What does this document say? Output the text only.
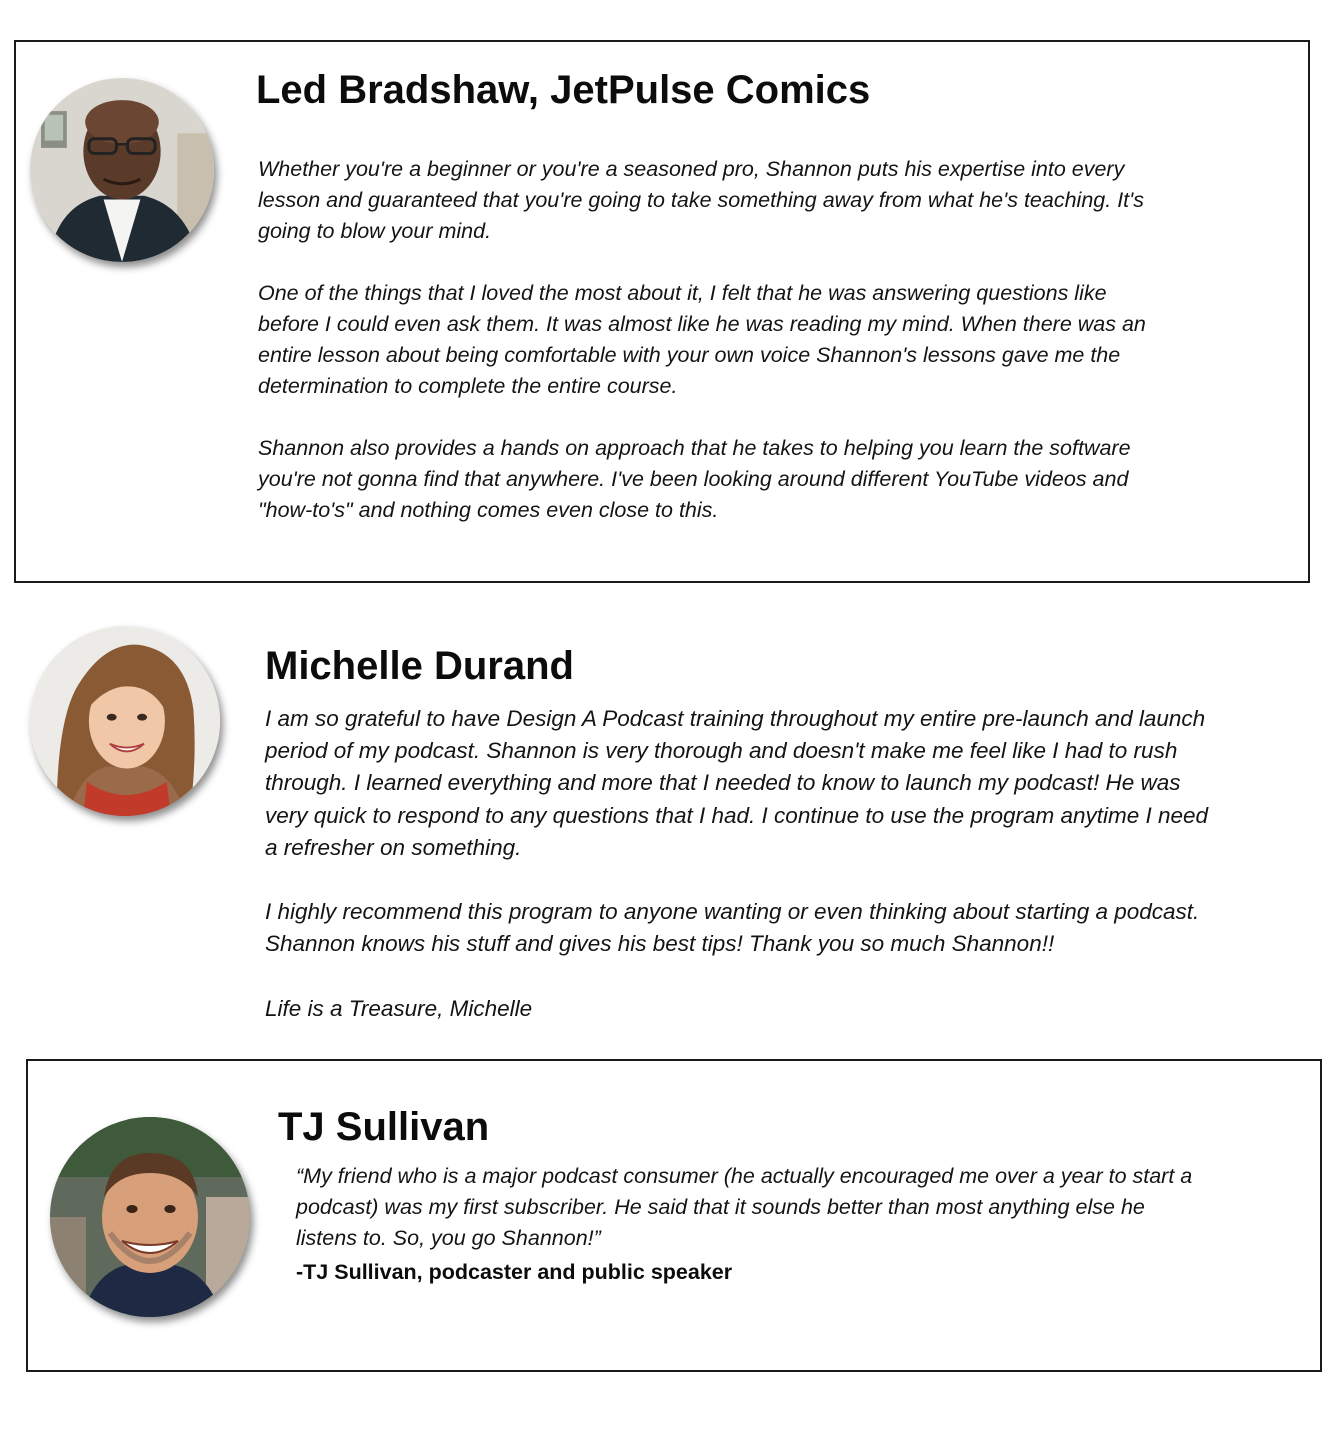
Led Bradshaw, JetPulse Comics

Whether you're a beginner or you're a seasoned pro, Shannon puts his expertise into every
lesson and guaranteed that you're going to take something away from what he's teaching. It's
going to blow your mind.

One of the things that I loved the most about it, I felt that he was answering questions like
before I could even ask them. It was almost like he was reading my mind. When there was an
entire lesson about being comfortable with your own voice Shannon's lessons gave me the
determination to complete the entire course.

Shannon also provides a hands on approach that he takes to helping you learn the software
you're not gonna find that anywhere. I've been looking around different YouTube videos and
"how-to's" and nothing comes even close to this.

Michelle Durand

I am so grateful to have Design A Podcast training throughout my entire pre-launch and launch
period of my podcast. Shannon is very thorough and doesn't make me feel like I had to rush
through. I learned everything and more that I needed to know to launch my podcast! He was
very quick to respond to any questions that I had. I continue to use the program anytime I need
a refresher on something.

I highly recommend this program to anyone wanting or even thinking about starting a podcast.
Shannon knows his stuff and gives his best tips! Thank you so much Shannon!!

Life is a Treasure, Michelle

TJ Sullivan

“My friend who is a major podcast consumer (he actually encouraged me over a year to start a
podcast) was my first subscriber. He said that it sounds better than most anything else he
listens to. So, you go Shannon!”

-TJ Sullivan, podcaster and public speaker
